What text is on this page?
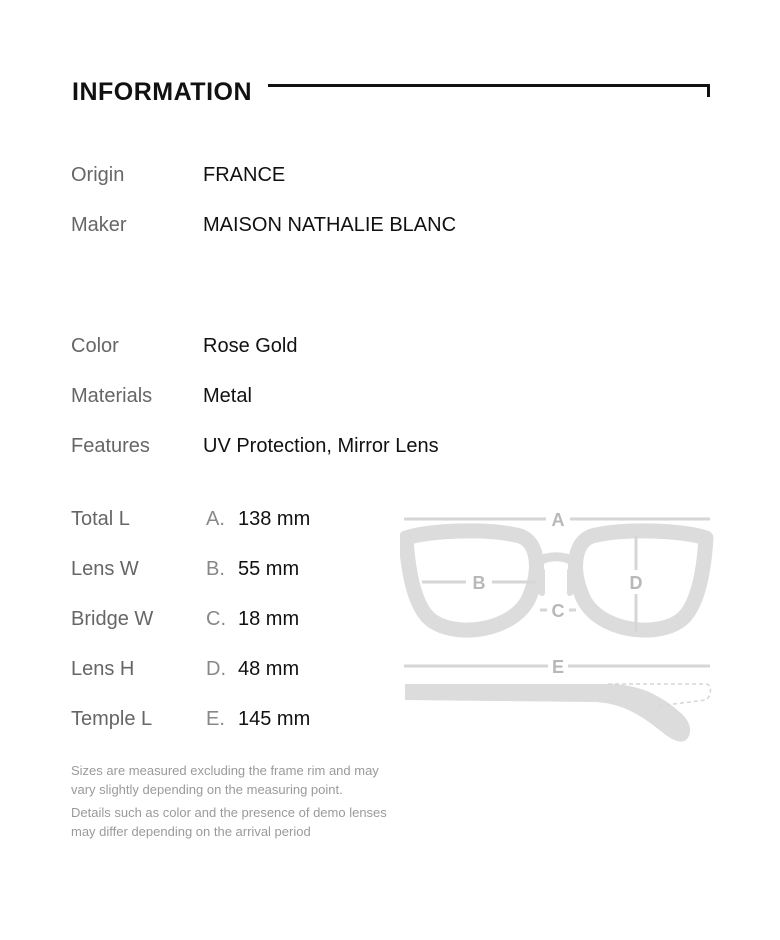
INFORMATION
Origin	FRANCE
Maker	MAISON NATHALIE BLANC
Color	Rose Gold
Materials	Metal
Features	UV Protection, Mirror Lens
Total L	A. 138 mm
Lens W	B. 55 mm
Bridge W	C. 18 mm
Lens H	D. 48 mm
Temple L	E. 145 mm
A
B
C
D
E
Sizes are measured excluding the frame rim and may vary slightly depending on the measuring point.
Details such as color and the presence of demo lenses may differ depending on the arrival period
